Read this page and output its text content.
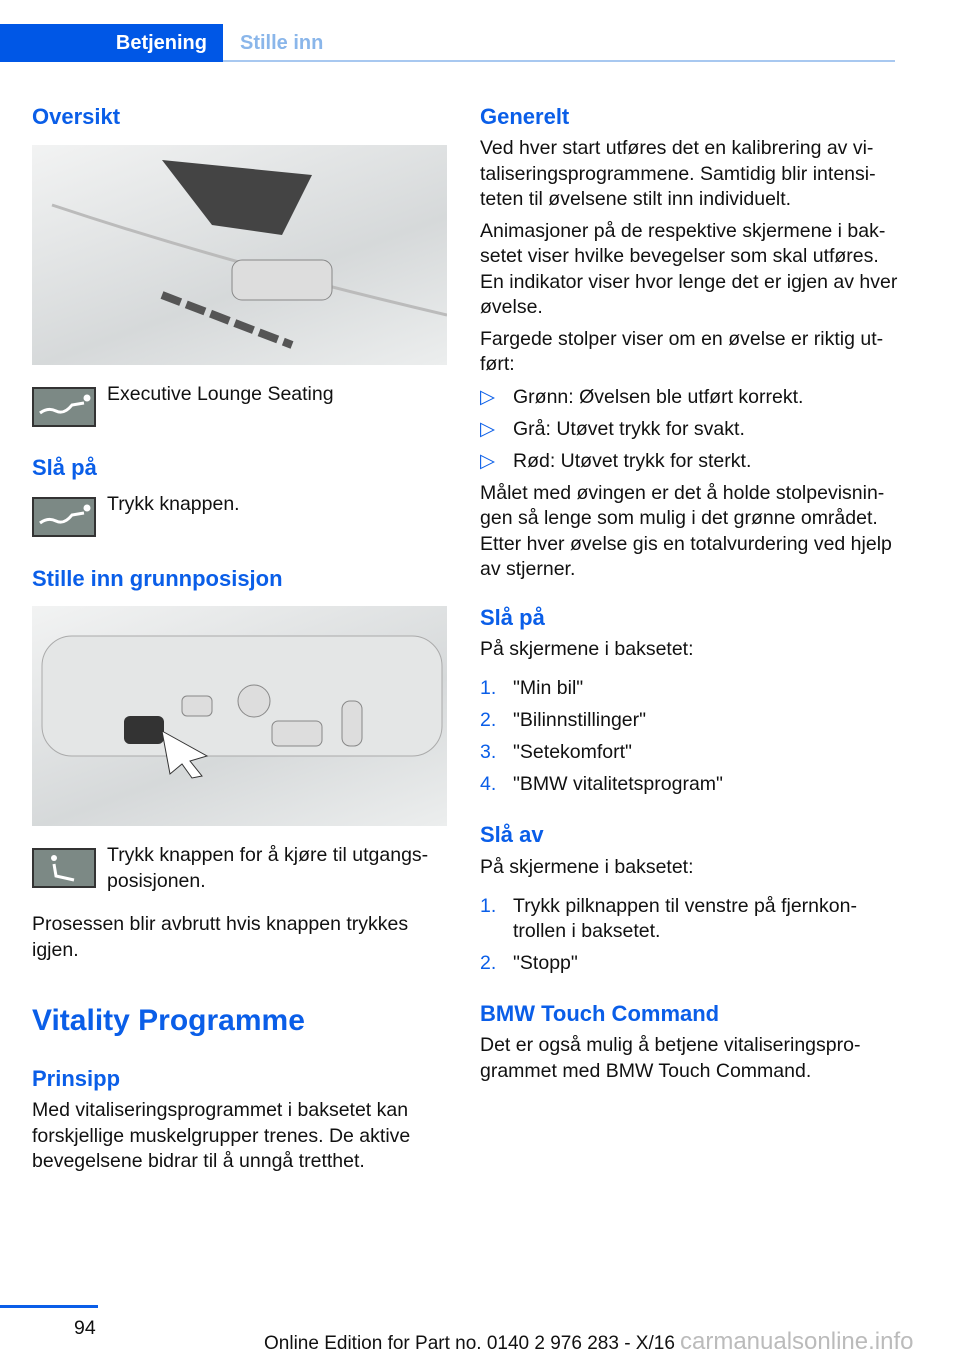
Betjening	Stille inn
Oversikt
Executive Lounge Seating
Slå på
Trykk knappen.
Stille inn grunnposisjon
Trykk knappen for å kjøre til utgangs-posisjonen.
Prosessen blir avbrutt hvis knappen trykkes igjen.
Vitality Programme
Prinsipp
Med vitaliseringsprogrammet i baksetet kan forskjellige muskelgrupper trenes. De aktive bevegelsene bidrar til å unngå tretthet.
Generelt

Ved hver start utføres det en kalibrering av vi-taliseringsprogrammene. Samtidig blir intensi-teten til øvelsene stilt inn individuelt.

Animasjoner på de respektive skjermene i bak-setet viser hvilke bevegelser som skal utføres. En indikator viser hvor lenge det er igjen av hver øvelse.

Fargede stolper viser om en øvelse er riktig ut-ført:

▷ Grønn: Øvelsen ble utført korrekt.
▷ Grå: Utøvet trykk for svakt.
▷ Rød: Utøvet trykk for sterkt.

Målet med øvingen er det å holde stolpevisnin-gen så lenge som mulig i det grønne området. Etter hver øvelse gis en totalvurdering ved hjelp av stjerner.

Slå på

På skjermene i baksetet:

1. "Min bil"
2. "Bilinnstillinger"
3. "Setekomfort"
4. "BMW vitalitetsprogram"
Slå av

På skjermene i baksetet:

1. Trykk pilknappen til venstre på fjernkon-trollen i baksetet.
2. "Stopp"
BMW Touch Command
Det er også mulig å betjene vitaliseringspro-grammet med BMW Touch Command.
94
Online Edition for Part no. 0140 2 976 283 - X/16 carmanualsonline.info
